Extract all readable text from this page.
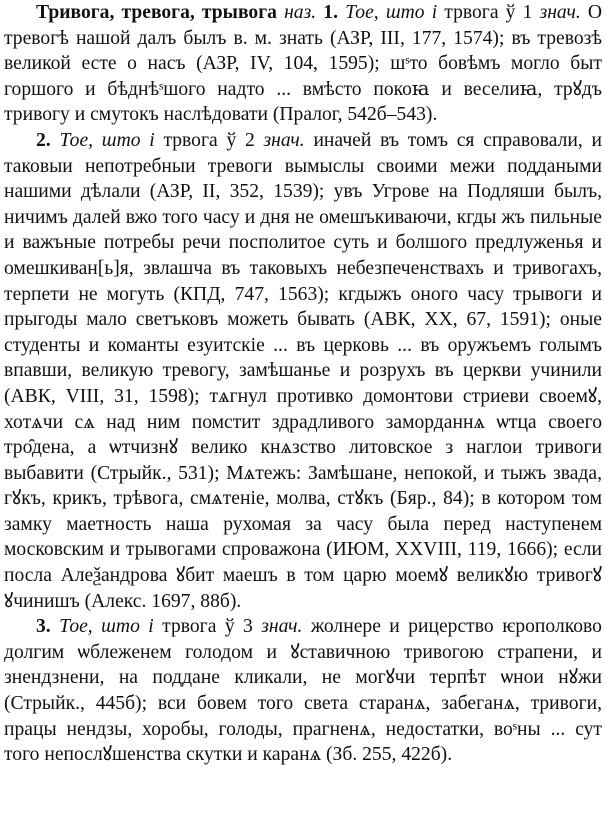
Тривога, тревога, трывога наз. 1. Тое, што і трвога ў 1 знач. О тревогѣ нашой далъ былъ в. м. знать (АЗР, III, 177, 1574); въ тревозѣ великой есте о насъ (АЗР, IV, 104, 1595); шˢто бовѣмъ могло быт горшого и бѣднѣˢшого надто ... вмѣсто покоꙗ и веселиꙗ, трꙋдъ тривогу и смутокъ наслѣдовати (Пралог, 542б–543).

2. Тое, што і трвога ў 2 знач. иначей въ томъ ся справовали, и таковыи непотребныи тревоги вымыслы своими межи поддаными нашими дѣлали (АЗР, II, 352, 1539); увъ Угрове на Подляши былъ, ничимъ далей вжо того часу и дня не омешъкиваючи, кгды жъ пильные и важъные потребы речи посполитое суть и болшого предлуженья и омешкиван[ь]я, звлашча въ таковыхъ небезпеченствахъ и тривогахъ, терпети не могуть (КПД, 747, 1563); кгдыжъ оного часу трывоги и прыгоды мало светъковъ можеть бывать (АВК, XX, 67, 1591); оные студенты и команты езуитскіе ... въ церковь ... въ оружъемъ голымъ впавши, великую тревогу, замѣшанье и розрухъ въ церкви учинили (АВК, VIII, 31, 1598); тѧгнул противко домонтови стриеви своемꙋ, хотѧчи сѧ над ним помстит здрадливого заморданнѧ ѡтца своего тро̑дена, а ѡтчизнꙋ велико кнѧзство литовское з наглои тривоги выбавити (Стрыйк., 531); Мѧтежъ: Замѣшане, непокой, и тыжъ звада, гꙋкъ, крикъ, трѣвога, смѧтеніе, молва, стꙋкъ (Бяр., 84); в котором том замку маетность наша рухомая за часу была перед наступенем московским и трывогами спроважона (ИЮМ, XXVIII, 119, 1666); если посла Алеѯандрова ꙋбит маешъ в том царю моемꙋ великꙋю тривогꙋ ꙋчинишъ (Алекс. 1697, 88б).

3. Тое, што і трвога ў 3 знач. жолнере и рицерство ѥрополково долгим ѡблеженем голодом и ꙋставичною тривогою страпени, и знендзнени, на поддане кликали, не могꙋчи терпѣт ѡнои нꙋжи (Стрыйк., 445б); вси бовем того света старанѧ, забеганѧ, тривоги, працы нендзы, хоробы, голоды, прагненѧ, недостатки, воˢны ... сут того непослꙋшенства скутки и каранѧ (Зб. 255, 422б).
